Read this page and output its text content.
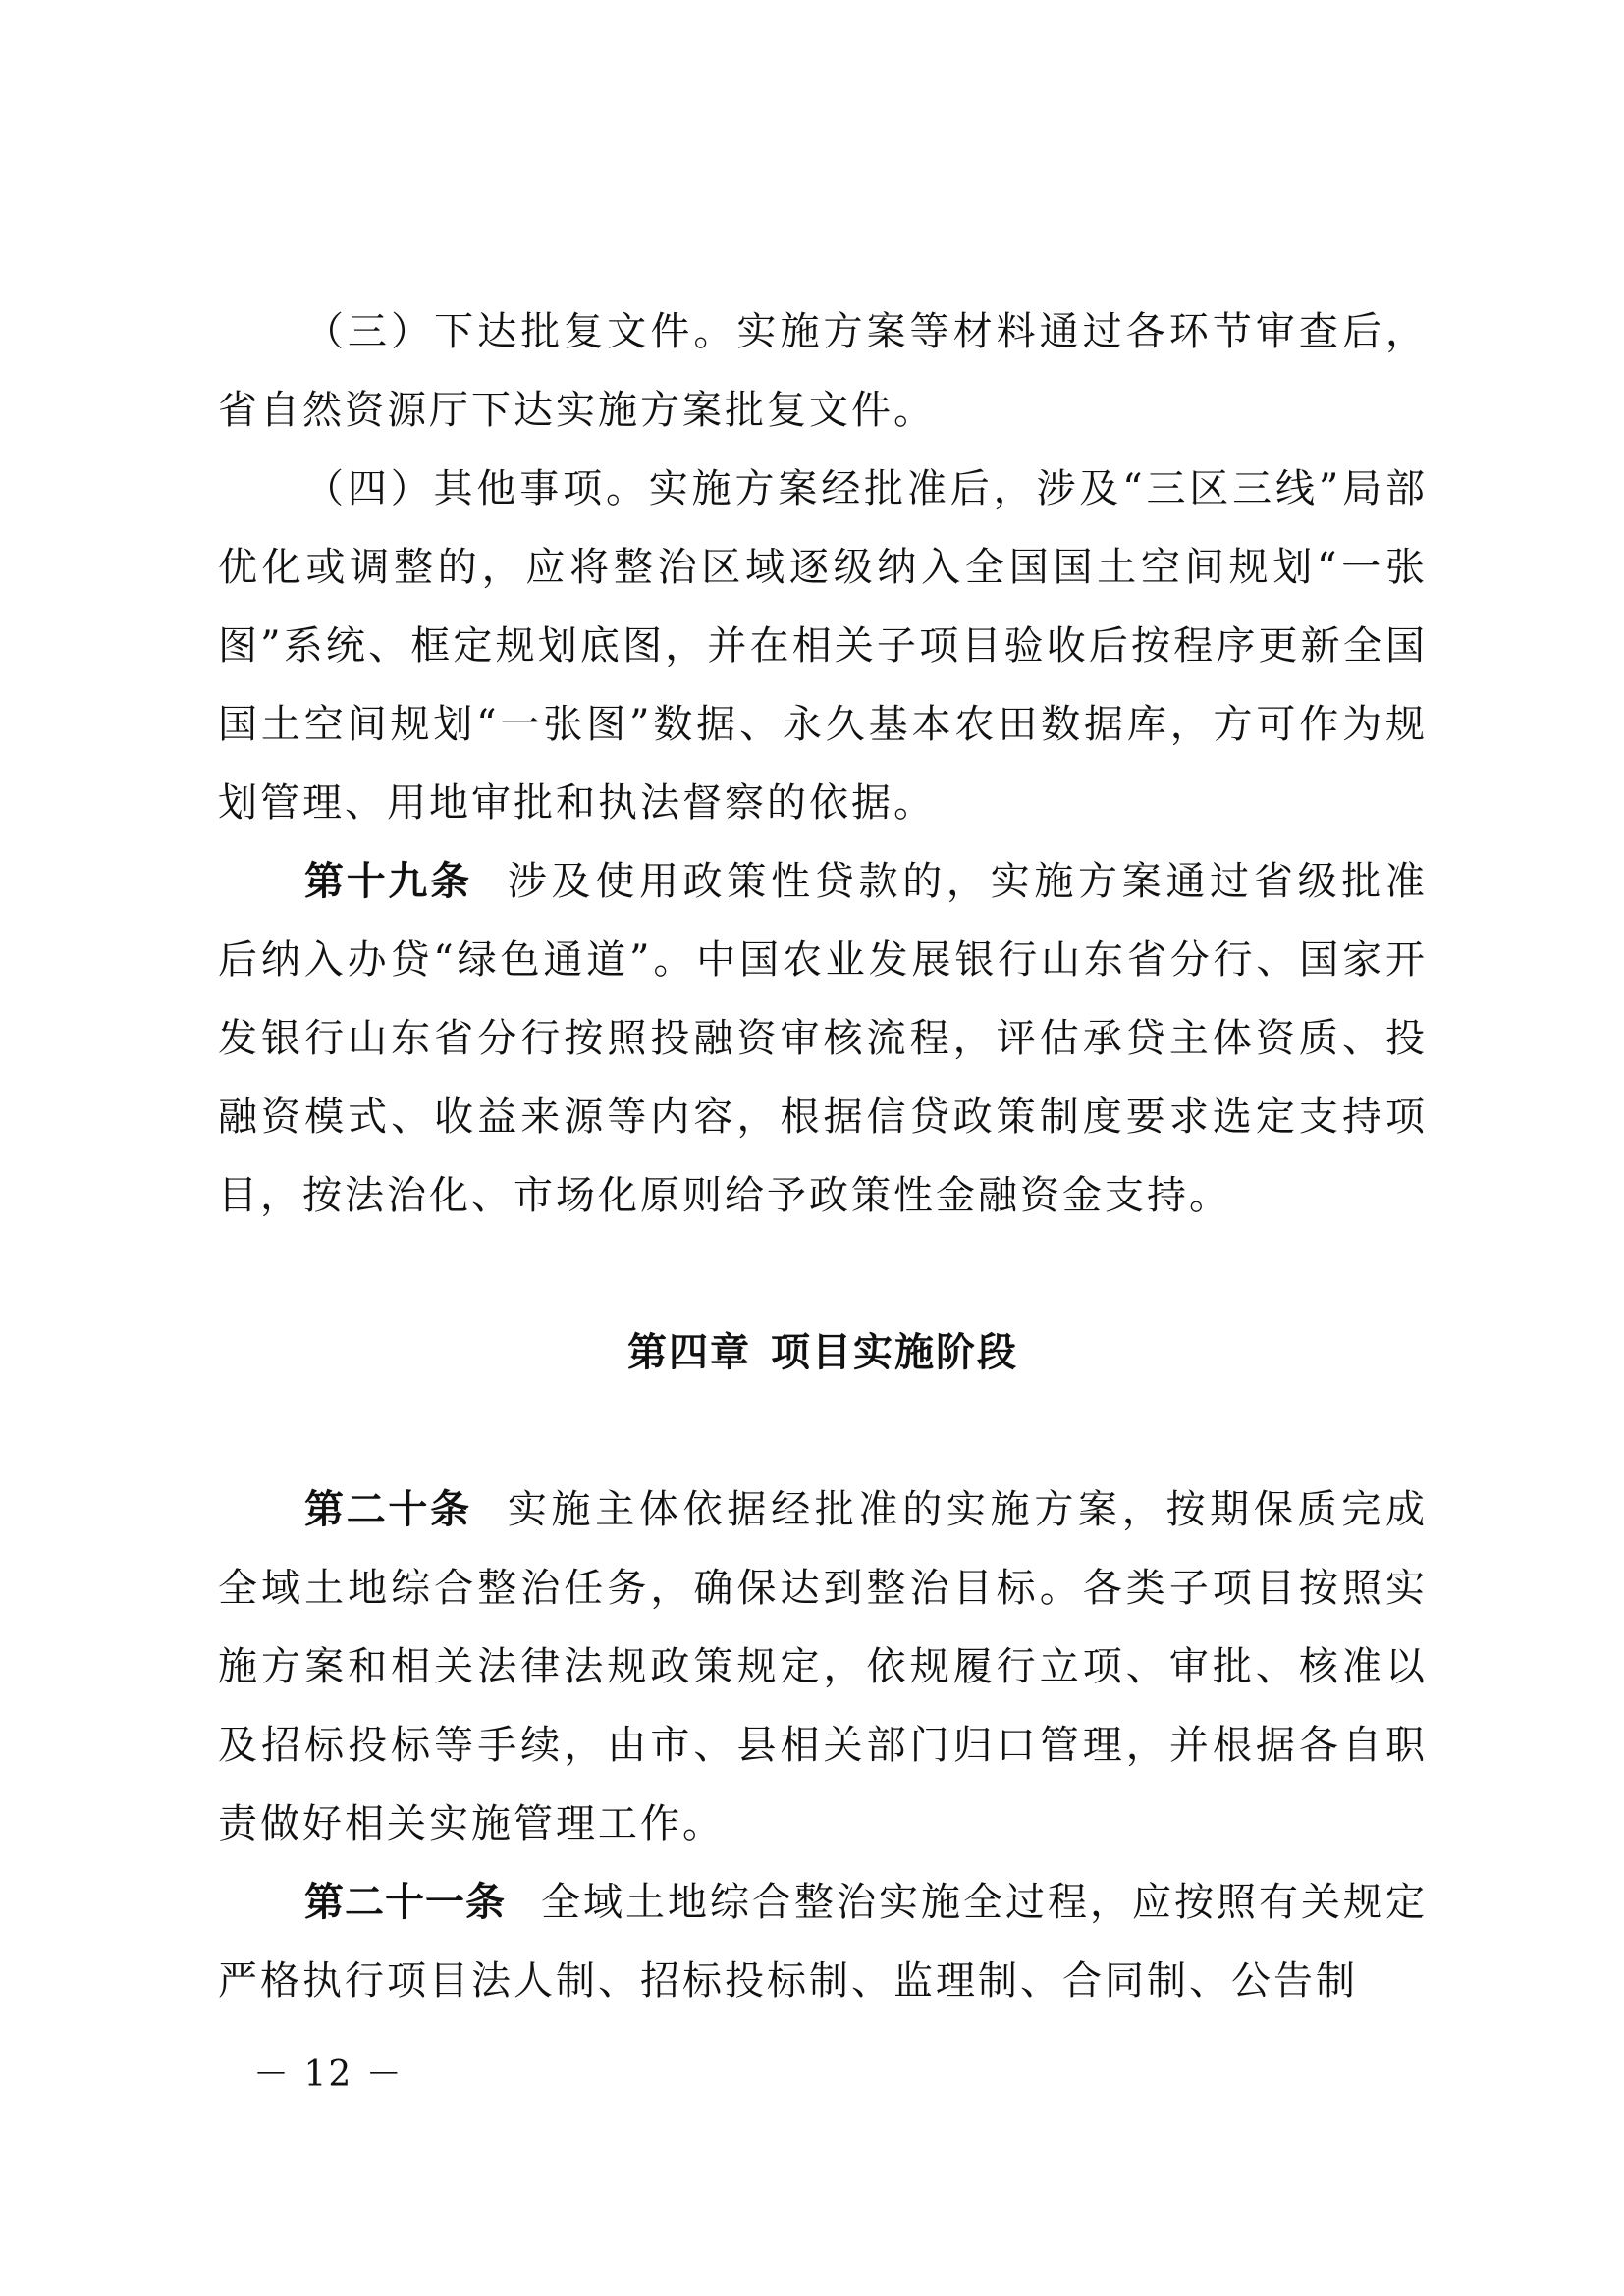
（三）下达批复文件。实施方案等材料通过各环节审查后，省自然资源厅下达实施方案批复文件。

（四）其他事项。实施方案经批准后，涉及“三区三线”局部优化或调整的，应将整治区域逐级纳入全国国土空间规划“一张图”系统、框定规划底图，并在相关子项目验收后按程序更新全国国土空间规划“一张图”数据、永久基本农田数据库，方可作为规划管理、用地审批和执法督察的依据。

第十九条 涉及使用政策性贷款的，实施方案通过省级批准后纳入办贷“绿色通道”。中国农业发展银行山东省分行、国家开发银行山东省分行按照投融资审核流程，评估承贷主体资质、投融资模式、收益来源等内容，根据信贷政策制度要求选定支持项目，按法治化、市场化原则给予政策性金融资金支持。

第四章 项目实施阶段

第二十条 实施主体依据经批准的实施方案，按期保质完成全域土地综合整治任务，确保达到整治目标。各类子项目按照实施方案和相关法律法规政策规定，依规履行立项、审批、核准以及招标投标等手续，由市、县相关部门归口管理，并根据各自职责做好相关实施管理工作。

第二十一条 全域土地综合整治实施全过程，应按照有关规定严格执行项目法人制、招标投标制、监理制、合同制、公告制

－ 12 －
